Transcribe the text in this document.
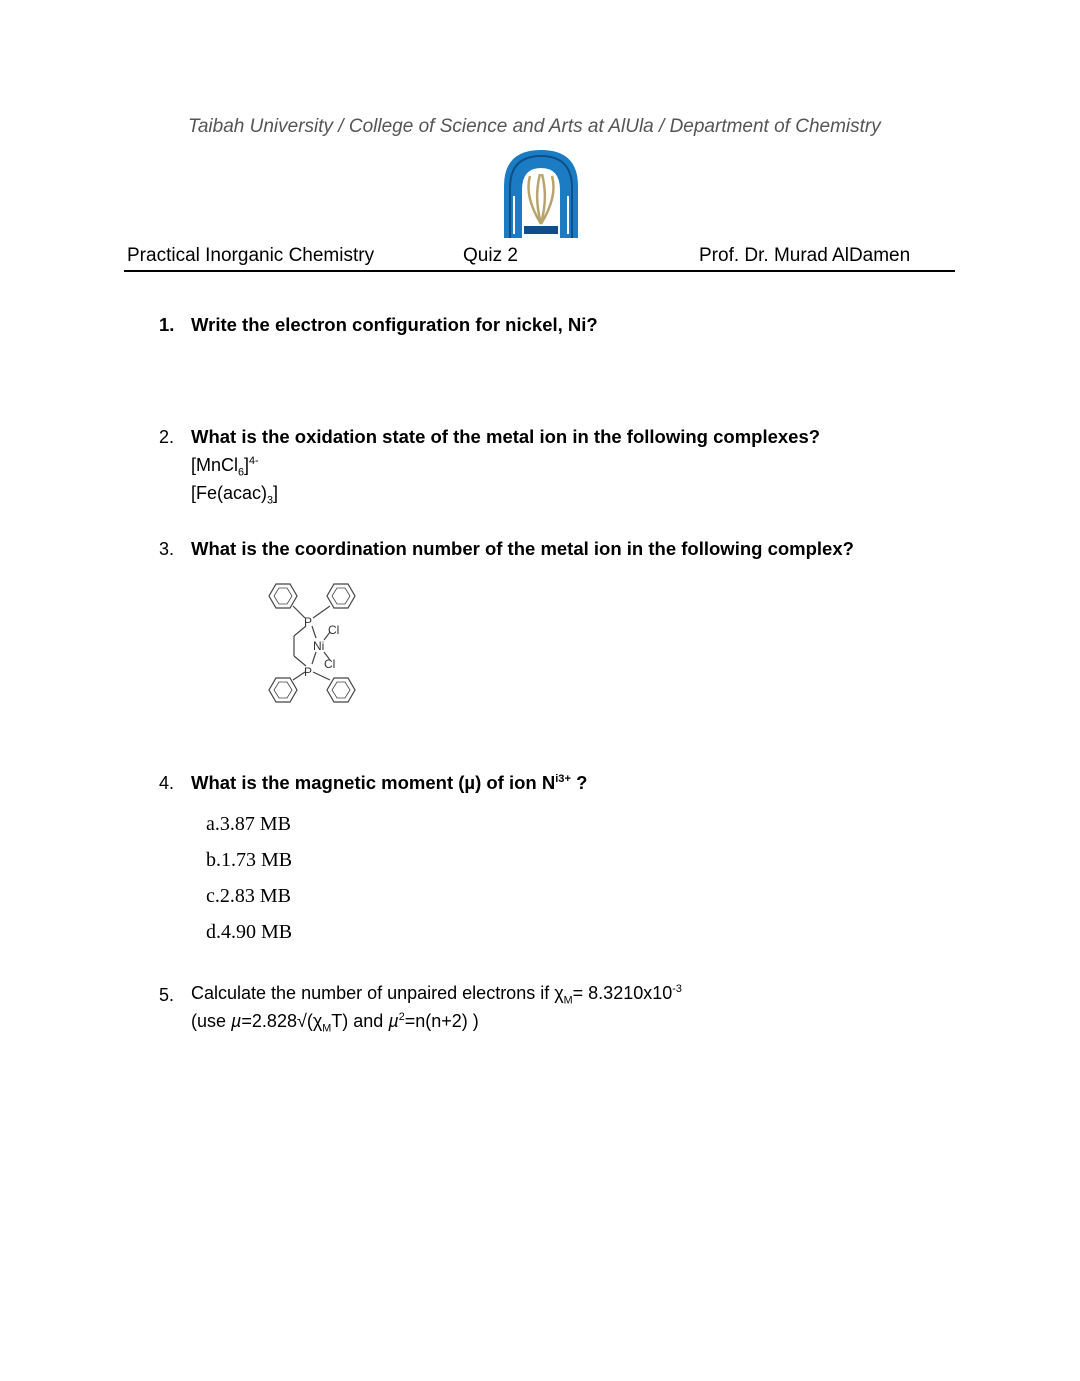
Taibah University / College of Science and Arts at AlUla / Department of Chemistry
Practical Inorganic Chemistry	Quiz 2	Prof. Dr. Murad AlDamen
1. Write the electron configuration for nickel, Ni?
2. What is the oxidation state of the metal ion in the following complexes?
[MnCl$_6$]$^{4-}$
$[Fe(acac)_3]$
3. What is the coordination number of the metal ion in the following complex?
P
Cl
Ni
Cl
P
4. What is the magnetic moment (µ) of ion $N^{i3+}$ ?
a.3.87 MB
b.1.73 MB
c.2.83 MB
d.4.90 MB
5. Calculate the number of unpaired electrons if $\chi_M= 8.3210x10^{-3}$
(use $\mu=2.828√(\chi_MT)$ and µ$^2$=n(n+2) )
